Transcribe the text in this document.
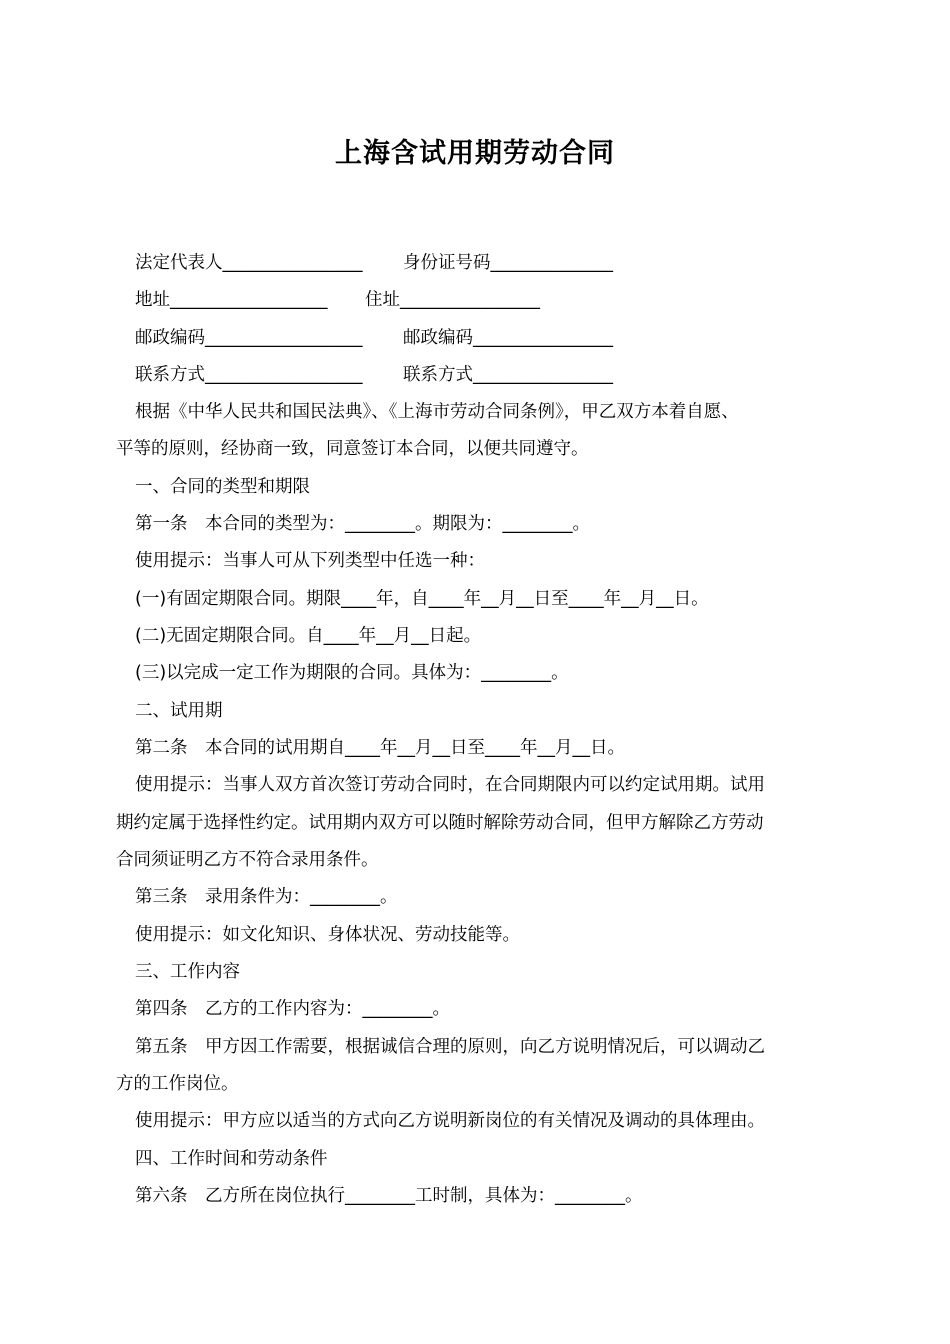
上海含试用期劳动合同
法定代表人________________ 身份证号码______________
地址__________________ 住址________________
邮政编码__________________ 邮政编码________________
联系方式__________________ 联系方式________________
根据《中华人民共和国民法典》、《上海市劳动合同条例》，甲乙双方本着自愿、
平等的原则，经协商一致，同意签订本合同，以便共同遵守。
一、合同的类型和期限
第一条　本合同的类型为：________。期限为：________。
使用提示：当事人可从下列类型中任选一种：
(一)有固定期限合同。期限____年，自____年__月__日至____年__月__日。
(二)无固定期限合同。自____年__月__日起。
(三)以完成一定工作为期限的合同。具体为：________。
二、试用期
第二条　本合同的试用期自____年__月__日至____年__月__日。
使用提示：当事人双方首次签订劳动合同时，在合同期限内可以约定试用期。试用
期约定属于选择性约定。试用期内双方可以随时解除劳动合同，但甲方解除乙方劳动
合同须证明乙方不符合录用条件。
第三条　录用条件为：________。
使用提示：如文化知识、身体状况、劳动技能等。
三、工作内容
第四条　乙方的工作内容为：________。
第五条　甲方因工作需要，根据诚信合理的原则，向乙方说明情况后，可以调动乙
方的工作岗位。
使用提示：甲方应以适当的方式向乙方说明新岗位的有关情况及调动的具体理由。
四、工作时间和劳动条件
第六条　乙方所在岗位执行________工时制，具体为：________。
